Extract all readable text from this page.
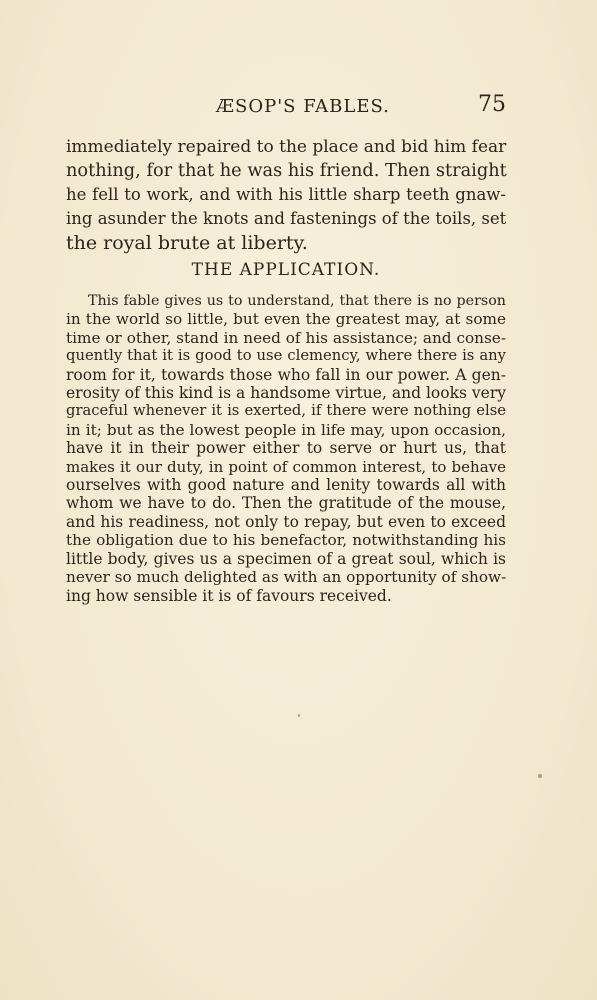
ÆSOP'S FABLES.	75
immediately repaired to the place and bid him fear
nothing, for that he was his friend. Then straight
he fell to work, and with his little sharp teeth gnaw-
ing asunder the knots and fastenings of the toils, set
the royal brute at liberty.
THE APPLICATION.
This fable gives us to understand, that there is no person
in the world so little, but even the greatest may, at some
time or other, stand in need of his assistance; and conse-
quently that it is good to use clemency, where there is any
room for it, towards those who fall in our power. A gen-
erosity of this kind is a handsome virtue, and looks very
graceful whenever it is exerted, if there were nothing else
in it; but as the lowest people in life may, upon occasion,
have it in their power either to serve or hurt us, that
makes it our duty, in point of common interest, to behave
ourselves with good nature and lenity towards all with
whom we have to do. Then the gratitude of the mouse,
and his readiness, not only to repay, but even to exceed
the obligation due to his benefactor, notwithstanding his
little body, gives us a specimen of a great soul, which is
never so much delighted as with an opportunity of show-
ing how sensible it is of favours received.
